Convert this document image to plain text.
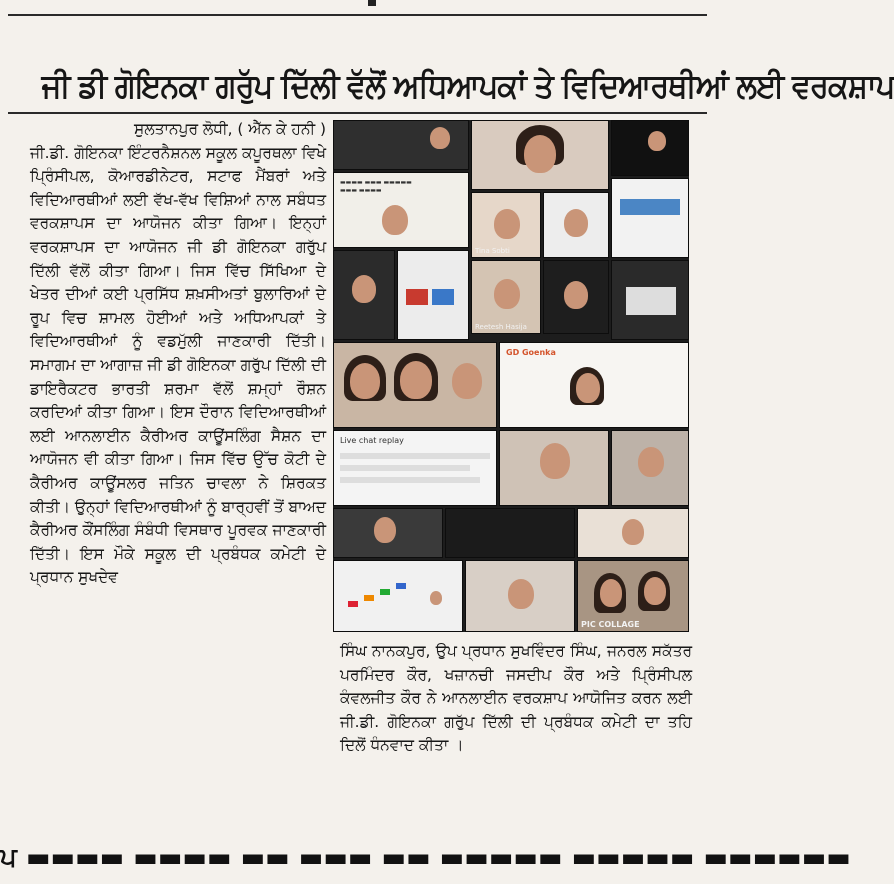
ਜੀ ਡੀ ਗੋਇਨਕਾ ਗਰੁੱਪ ਦਿੱਲੀ ਵੱਲੋਂ ਅਧਿਆਪਕਾਂ ਤੇ ਵਿਦਿਆਰਥੀਆਂ ਲਈ ਵਰਕਸ਼ਾਪ
ਸੁਲਤਾਨਪੁਰ ਲੋਧੀ, ( ਐੱਨ ਕੇ ਹਨੀ )

ਜੀ.ਡੀ. ਗੋਇਨਕਾ ਇੰਟਰਨੈਸ਼ਨਲ ਸਕੂਲ ਕਪੂਰਥਲਾ ਵਿਖੇ ਪ੍ਰਿੰਸੀਪਲ, ਕੋਆਰਡੀਨੇਟਰ, ਸਟਾਫ ਮੈਂਬਰਾਂ ਅਤੇ ਵਿਦਿਆਰਥੀਆਂ ਲਈ ਵੱਖ-ਵੱਖ ਵਿਸ਼ਿਆਂ ਨਾਲ ਸਬੰਧਤ ਵਰਕਸ਼ਾਪਸ ਦਾ ਆਯੋਜਨ ਕੀਤਾ ਗਿਆ। ਇਨ੍ਹਾਂ ਵਰਕਸ਼ਾਪਸ ਦਾ ਆਯੋਜਨ ਜੀ ਡੀ ਗੋਇਨਕਾ ਗਰੁੱਪ ਦਿੱਲੀ ਵੱਲੋਂ ਕੀਤਾ ਗਿਆ। ਜਿਸ ਵਿੱਚ ਸਿੱਖਿਆ ਦੇ ਖੇਤਰ ਦੀਆਂ ਕਈ ਪ੍ਰਸਿੱਧ ਸ਼ਖ਼ਸੀਅਤਾਂ ਬੁਲਾਰਿਆਂ ਦੇ ਰੂਪ ਵਿਚ ਸ਼ਾਮਲ ਹੋਈਆਂ ਅਤੇ ਅਧਿਆਪਕਾਂ ਤੇ ਵਿਦਿਆਰਥੀਆਂ ਨੂੰ ਵਡਮੁੱਲੀ ਜਾਣਕਾਰੀ ਦਿੱਤੀ। ਸਮਾਗਮ ਦਾ ਆਗਾਜ਼ ਜੀ ਡੀ ਗੋਇਨਕਾ ਗਰੁੱਪ ਦਿੱਲੀ ਦੀ ਡਾਇਰੈਕਟਰ ਭਾਰਤੀ ਸ਼ਰਮਾ ਵੱਲੋਂ ਸ਼ਮ੍ਹਾਂ ਰੌਸ਼ਨ ਕਰਦਿਆਂ ਕੀਤਾ ਗਿਆ। ਇਸ ਦੌਰਾਨ ਵਿਦਿਆਰਥੀਆਂ ਲਈ ਆਨਲਾਈਨ ਕੈਰੀਅਰ ਕਾਊਂਸਲਿੰਗ ਸੈਸ਼ਨ ਦਾ ਆਯੋਜਨ ਵੀ ਕੀਤਾ ਗਿਆ। ਜਿਸ ਵਿੱਚ ਉੱਚ ਕੋਟੀ ਦੇ ਕੈਰੀਅਰ ਕਾਊਂਸਲਰ ਜਤਿਨ ਚਾਵਲਾ ਨੇ ਸ਼ਿਰਕਤ ਕੀਤੀ। ਉਨ੍ਹਾਂ ਵਿਦਿਆਰਥੀਆਂ ਨੂੰ ਬਾਰ੍ਹਵੀਂ ਤੋਂ ਬਾਅਦ ਕੈਰੀਅਰ ਕੌਂਸਲਿੰਗ ਸੰਬੰਧੀ ਵਿਸਥਾਰ ਪੂਰਵਕ ਜਾਣਕਾਰੀ ਦਿੱਤੀ। ਇਸ ਮੌਕੇ ਸਕੂਲ ਦੀ ਪ੍ਰਬੰਧਕ ਕਮੇਟੀ ਦੇ ਪ੍ਰਧਾਨ ਸੁਖਦੇਵ

▬▬▬▬ ▬▬▬ ▬▬▬▬▬
▬▬▬ ▬▬▬▬
Tina Sobti
Reetesh Hasija
GD Goenka
Live chat replay
PIC COLLAGE

ਸਿੰਘ ਨਾਨਕਪੁਰ, ਉਪ ਪ੍ਰਧਾਨ ਸੁਖਵਿੰਦਰ ਸਿੰਘ, ਜਨਰਲ ਸਕੱਤਰ ਪਰਮਿੰਦਰ ਕੌਰ, ਖਜ਼ਾਨਚੀ ਜਸਦੀਪ ਕੌਰ ਅਤੇ ਪ੍ਰਿੰਸੀਪਲ ਕੰਵਲਜੀਤ ਕੌਰ ਨੇ ਆਨਲਾਈਨ ਵਰਕਸ਼ਾਪ ਆਯੋਜਿਤ ਕਰਨ ਲਈ ਜੀ.ਡੀ. ਗੋਇਨਕਾ ਗਰੁੱਪ ਦਿੱਲੀ ਦੀ ਪ੍ਰਬੰਧਕ ਕਮੇਟੀ ਦਾ ਤਹਿ ਦਿਲੋਂ ਧੰਨਵਾਦ ਕੀਤਾ ।

ਪ ▬▬▬▬ ▬▬▬▬ ▬▬ ▬▬▬ ▬▬ ▬▬▬▬▬ ▬▬▬▬▬ ▬▬▬▬▬▬
